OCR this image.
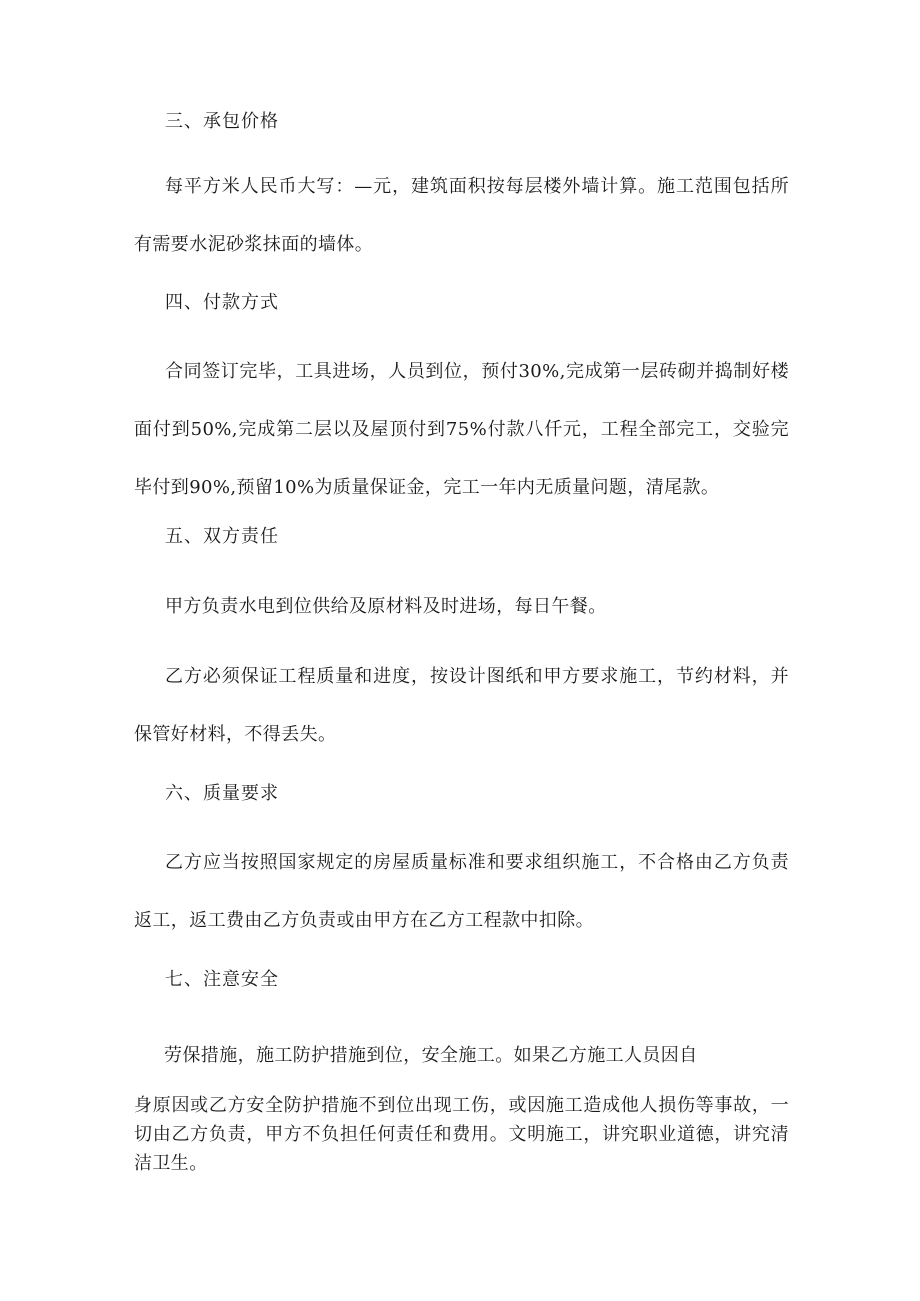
三、承包价格
每平方米人民币大写：—元，建筑面积按每层楼外墙计算。施工范围包括所有需要水泥砂浆抹面的墙体。
四、付款方式
合同签订完毕，工具进场，人员到位，预付30%,完成第一层砖砌并捣制好楼面付到50%,完成第二层以及屋顶付到75%付款八仟元，工程全部完工，交验完毕付到90%,预留10%为质量保证金，完工一年内无质量问题，清尾款。
五、双方责任
甲方负责水电到位供给及原材料及时进场，每日午餐。
乙方必须保证工程质量和进度，按设计图纸和甲方要求施工，节约材料，并保管好材料，不得丢失。
六、质量要求
乙方应当按照国家规定的房屋质量标准和要求组织施工，不合格由乙方负责返工，返工费由乙方负责或由甲方在乙方工程款中扣除。
七、注意安全
劳保措施，施工防护措施到位，安全施工。如果乙方施工人员因自
身原因或乙方安全防护措施不到位出现工伤，或因施工造成他人损伤等事故，一切由乙方负责，甲方不负担任何责任和费用。文明施工，讲究职业道德，讲究清洁卫生。
